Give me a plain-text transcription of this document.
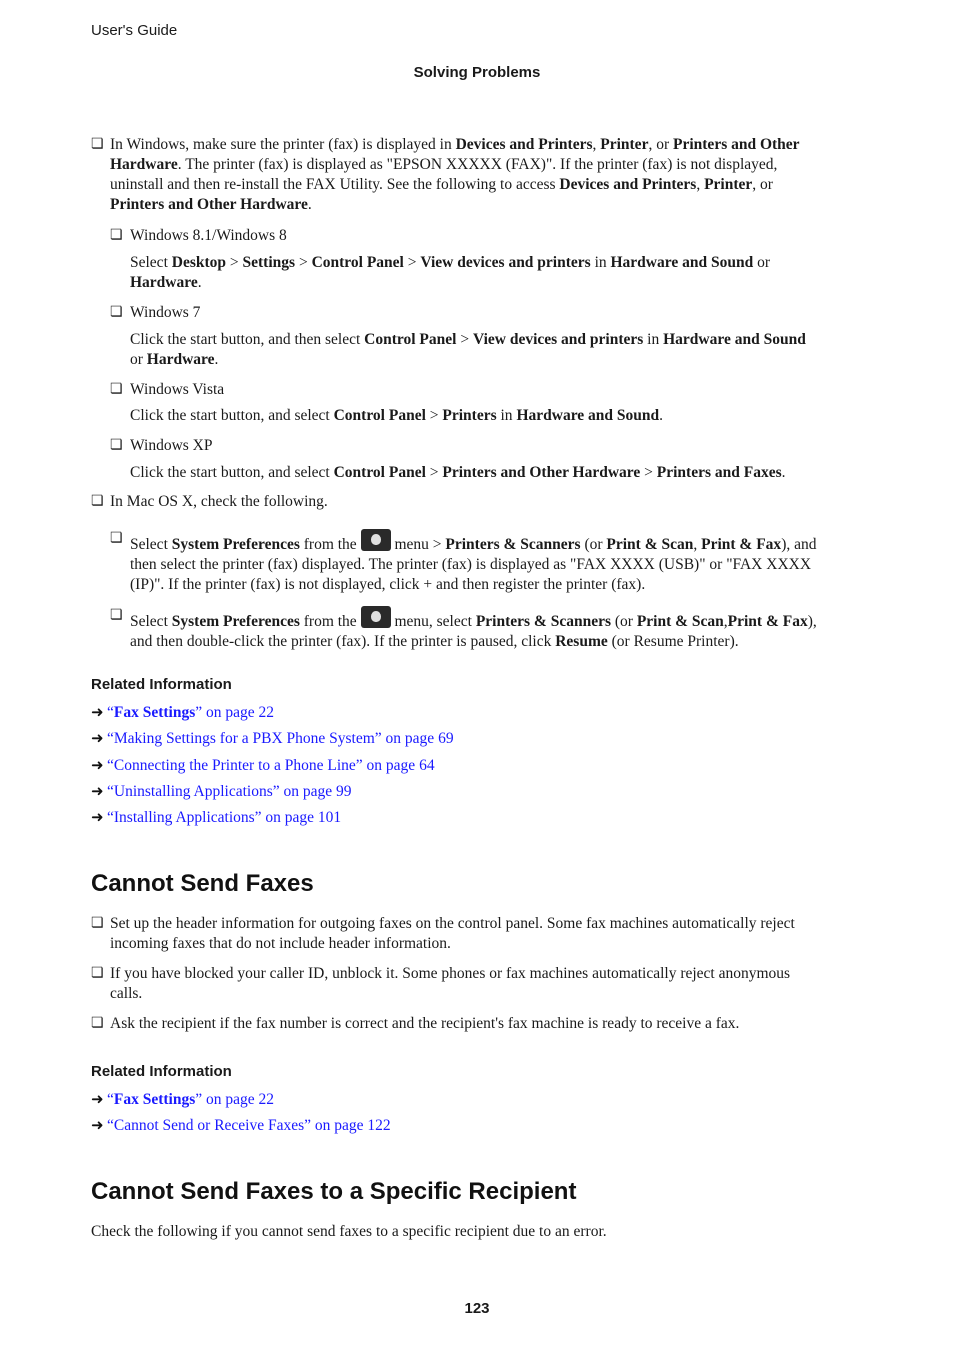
User's Guide
Solving Problems
❏
In Windows, make sure the printer (fax) is displayed in Devices and Printers, Printer, or Printers and Other
Hardware. The printer (fax) is displayed as "EPSON XXXXX (FAX)". If the printer (fax) is not displayed,
uninstall and then re-install the FAX Utility. See the following to access Devices and Printers, Printer, or
Printers and Other Hardware.
❏
Windows 8.1/Windows 8
Select Desktop > Settings > Control Panel > View devices and printers in Hardware and Sound or
Hardware.
❏
Windows 7
Click the start button, and then select Control Panel > View devices and printers in Hardware and Sound
or Hardware.
❏
Windows Vista
Click the start button, and select Control Panel > Printers in Hardware and Sound.
❏
Windows XP
Click the start button, and select Control Panel > Printers and Other Hardware > Printers and Faxes.
❏
In Mac OS X, check the following.
❏
Select System Preferences from the  menu > Printers & Scanners (or Print & Scan, Print & Fax), and
then select the printer (fax) displayed. The printer (fax) is displayed as "FAX XXXX (USB)" or "FAX XXXX
(IP)". If the printer (fax) is not displayed, click + and then register the printer (fax).
❏
Select System Preferences from the  menu, select Printers & Scanners (or Print & Scan,Print & Fax),
and then double-click the printer (fax). If the printer is paused, click Resume (or Resume Printer).
Related Information
➜ “Fax Settings” on page 22
➜ “Making Settings for a PBX Phone System” on page 69
➜ “Connecting the Printer to a Phone Line” on page 64
➜ “Uninstalling Applications” on page 99
➜ “Installing Applications” on page 101
Cannot Send Faxes
❏
Set up the header information for outgoing faxes on the control panel. Some fax machines automatically reject
incoming faxes that do not include header information.
❏
If you have blocked your caller ID, unblock it. Some phones or fax machines automatically reject anonymous
calls.
❏
Ask the recipient if the fax number is correct and the recipient's fax machine is ready to receive a fax.
Related Information
➜ “Fax Settings” on page 22
➜ “Cannot Send or Receive Faxes” on page 122
Cannot Send Faxes to a Specific Recipient
Check the following if you cannot send faxes to a specific recipient due to an error.
123
